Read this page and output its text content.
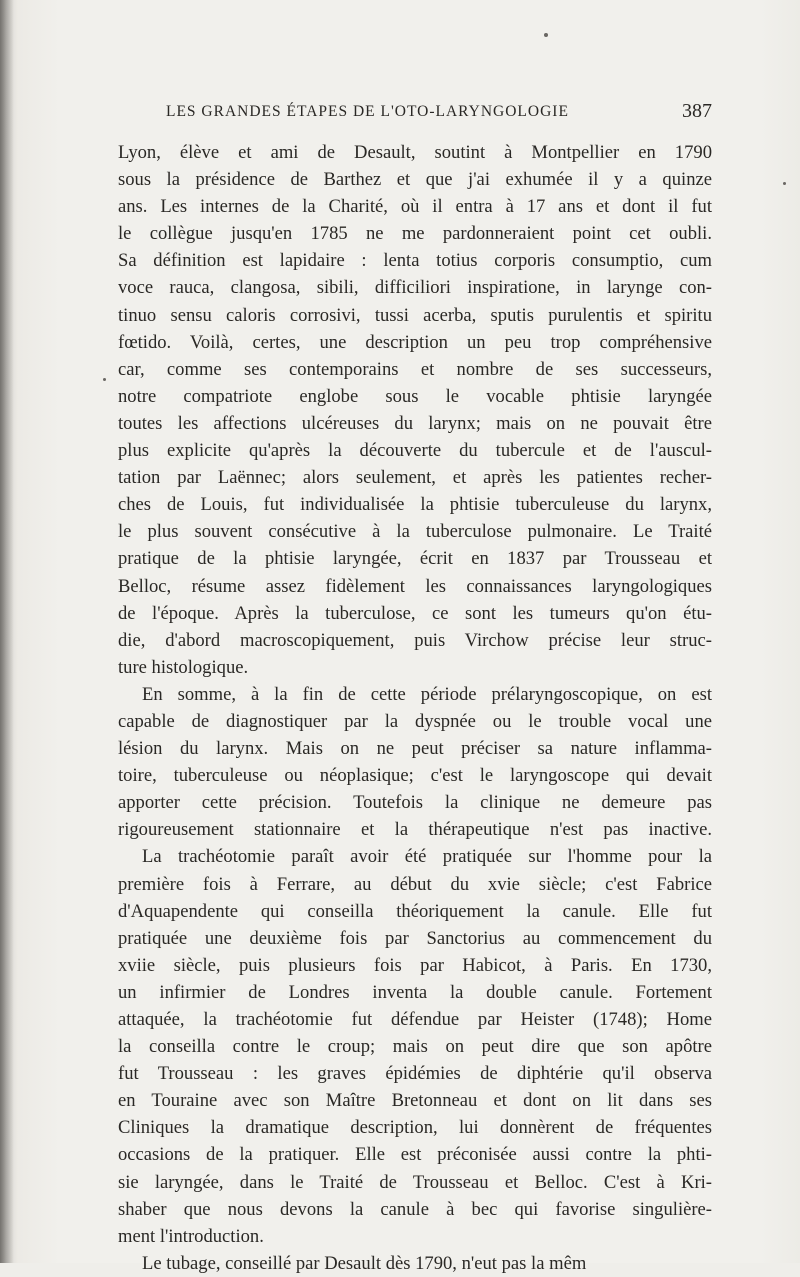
LES GRANDES ÉTAPES DE L'OTO-LARYNGOLOGIE	387
Lyon, élève et ami de Desault, soutint à Montpellier en 1790
sous la présidence de Barthez et que j'ai exhumée il y a quinze
ans. Les internes de la Charité, où il entra à 17 ans et dont il fut
le collègue jusqu'en 1785 ne me pardonneraient point cet oubli.
Sa définition est lapidaire : lenta totius corporis consumptio, cum
voce rauca, clangosa, sibili, difficiliori inspiratione, in larynge con-
tinuo sensu caloris corrosivi, tussi acerba, sputis purulentis et spiritu
fœtido. Voilà, certes, une description un peu trop compréhensive
car, comme ses contemporains et nombre de ses successeurs,
notre compatriote englobe sous le vocable phtisie laryngée
toutes les affections ulcéreuses du larynx; mais on ne pouvait être
plus explicite qu'après la découverte du tubercule et de l'auscul-
tation par Laënnec; alors seulement, et après les patientes recher-
ches de Louis, fut individualisée la phtisie tuberculeuse du larynx,
le plus souvent consécutive à la tuberculose pulmonaire. Le Traité
pratique de la phtisie laryngée, écrit en 1837 par Trousseau et
Belloc, résume assez fidèlement les connaissances laryngologiques
de l'époque. Après la tuberculose, ce sont les tumeurs qu'on étu-
die, d'abord macroscopiquement, puis Virchow précise leur struc-
ture histologique.
En somme, à la fin de cette période prélaryngoscopique, on est
capable de diagnostiquer par la dyspnée ou le trouble vocal une
lésion du larynx. Mais on ne peut préciser sa nature inflamma-
toire, tuberculeuse ou néoplasique; c'est le laryngoscope qui devait
apporter cette précision. Toutefois la clinique ne demeure pas
rigoureusement stationnaire et la thérapeutique n'est pas inactive.
La trachéotomie paraît avoir été pratiquée sur l'homme pour la
première fois à Ferrare, au début du xvie siècle; c'est Fabrice
d'Aquapendente qui conseilla théoriquement la canule. Elle fut
pratiquée une deuxième fois par Sanctorius au commencement du
xviie siècle, puis plusieurs fois par Habicot, à Paris. En 1730,
un infirmier de Londres inventa la double canule. Fortement
attaquée, la trachéotomie fut défendue par Heister (1748); Home
la conseilla contre le croup; mais on peut dire que son apôtre
fut Trousseau : les graves épidémies de diphtérie qu'il observa
en Touraine avec son Maître Bretonneau et dont on lit dans ses
Cliniques la dramatique description, lui donnèrent de fréquentes
occasions de la pratiquer. Elle est préconisée aussi contre la phti-
sie laryngée, dans le Traité de Trousseau et Belloc. C'est à Kri-
shaber que nous devons la canule à bec qui favorise singulière-
ment l'introduction.
Le tubage, conseillé par Desault dès 1790, n'eut pas la mêm
